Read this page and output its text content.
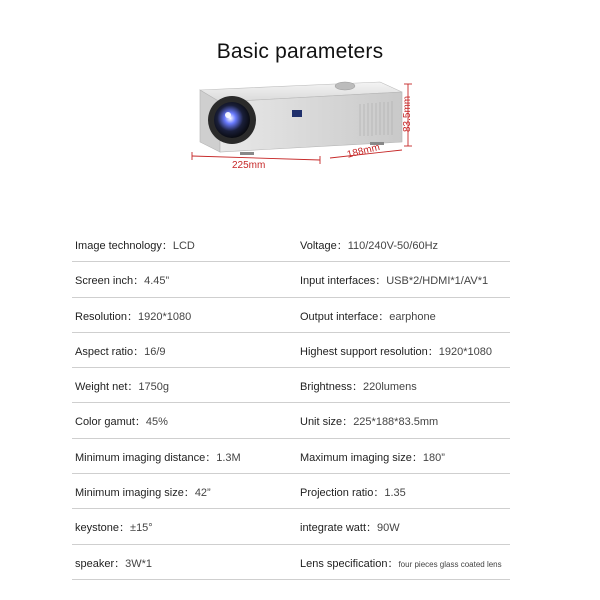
Basic parameters
225mm
188mm
83.5mm
Image technology：LCD	Voltage：110/240V-50/60Hz
Screen inch：4.45”	Input interfaces：USB*2/HDMI*1/AV*1
Resolution：1920*1080	Output interface：earphone
Aspect ratio：16/9	Highest support resolution：1920*1080
Weight net：1750g	Brightness：220lumens
Color gamut：45%	Unit size：225*188*83.5mm
Minimum imaging distance：1.3M	Maximum imaging size：180”
Minimum imaging size：42”	Projection ratio：1.35
keystone：±15°	integrate watt：90W
speaker：3W*1	Lens specification：four pieces glass coated lens
